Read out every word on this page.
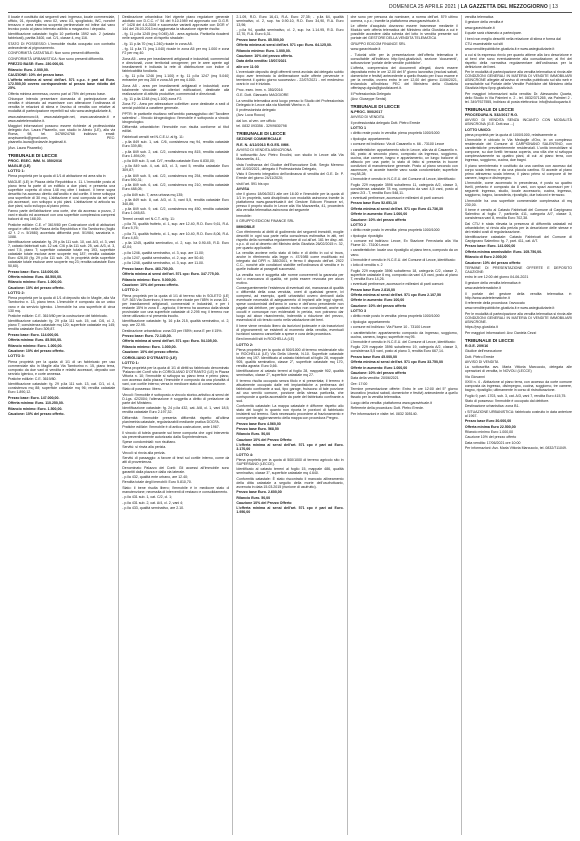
DOMENICA 25 APRILE 2021 | LA GAZZETTA DEL MEZZOGIORNO | 13

Il locale è costituito dal seguenti vani: ingresso, locale commerciale, ufficio, 01, ripostiglio, vano 02, vano 03, spogliatoio, WC, nonché terrazzo e area esterna scoperta pertinenziale ed infine dal vano tecnico posto al piano interrato adibito a magazzino / deposito.

Identificazione catastale: foglio 10 particella 1592 sub. 2 (catasto fabbricati), partita 3400, cat. C/1, classe 4, mq 116.

STATO DI POSSESSO: L'immobile risulta occupato con contratto antecedente al pignoramento.

CONFORMITÀ CATASTALE: Non sono presenti difformità.

CONFORMITÀ URBANISTICA: Non sono presenti difformità.

PREZZO BASE: Euro. 230.000,00.

Rilancio: Euro. 2.000,00.

CAUZIONE: 10% del prezzo base.

L'offerta minima ai sensi dell'art. 571 c.p.c. è pari ad Euro. 172.500,00 ovvero corrispondente al prezzo base ridotto del 25%.

Offerta minima ammessa, ovvero pari al 75% del prezzo base.

Chiunque intenda presentare domanda di partecipazione alla vendita è chiamato ad esaminare con attenzione l'ordinanza di vendita le relazioni di stima e l'avviso di vendita con relative ai modalità di partecipazione reperibili sul sito www.astegiudiziarie.it,

www.asteannunci.it, www.astalegale.net, www.canaleaste.it e www.astetelematiche.it.

Maggiori informazioni possono essere richieste al professionista delegato Avv. Laura Pisanello, con studio in Alezio (LE), alla via Roma, 98, tel. 3478924768 indirizzo email: avvpisanello@gmail.com, PEC: pisanello.laura@ordavvle.legalmail.it.

(Avv. Laura Pisanello)

TRIBUNALE DI LECCE

PROC. ESEC. IMM. N. 350/2016

MAGLIE (LE)

LOTTO 1:

Piena proprietà per la quota di 1/1 di abitazione ed area sita in

MAGLIE (LE) in Piazza della Repubblica n. 11. L'immobile posto al piano terra fa parte di un edificio a due piani, e presenta una superficie coperta di circa 148 mq oltre i balconi. Il bene sopra descritto ha accesso diretto dall'andito e dal cortile. Il bene sviluppa una superficie di 30 mq. L'abitazione è così composta da sei vani più accessori, con sviluppo a più piani. L'abitazione si articola su due piani, sullo sviluppo al piano primo.

Fanno parte dell'abitazione una corte, che dà accesso a pozzo, 2 vani e studio ed accessori con una superficie complessiva compresi balconi di mq 168,00.

Pratiche edilizie: C.E. n° 3619/80 per Costruzione civili di abitazioni negozi e uffici nella Piazza della Repubblica e Via Tamborino (foglio 42 f. 2 n. 5/1980) accertata difformità prot. 5/1984; sanatoria n. 1088.

Identificazione catastale: fg. 29 p.lla 111 sub. 10, cat. A/3, cl. 3, vani 7, catasto fabbricati sub. 12 cat. C/6 p.lla 111 sub. 25, cat. A/3, cl. 3, vani 7,5, piano T; superficie catastale totale mq 193, superficie catastale totale escluse aree scoperte mq 187; rendita catastale Euro 426,00 (fg. 29 p.lla 111 sub. 25, in proprietà della superficie catastale totale escluse aree scoperte mq 23; rendita catastale Euro 50,60).

Prezzo base: Euro. 118.000,00.

Offerta minima: Euro. 88.500,00.

Rilancio minimo: Euro. 1.000,00.

Cauzione: 10% del prezzo offerto.

LOTTO 2:

Piena proprietà per la quota di 1/1 di deposito sito in Maglie, alla Via Tamborino n. 13, piano terra. L'immobile è composto da un unico vano e da servizio igienico. L'immobile ha una superficie di circa 130 mq.

Pratiche edilizie: C.E. 3619/80 per la costruzione del fabbricato.

Identificazione catastale: fg. 29 p.lla 111 sub. 15, cat. C/6, cl. 2, piano T; consistenza catastale mq 120; superficie catastale mq 145; rendita catastale Euro 309,87.

Prezzo base: Euro. 114.000,00.

Offerta minima: Euro. 85.500,00.

Rilancio minimo: Euro. 1.000,00.

Cauzione: 10% del prezzo offerto.

LOTTO 3:

Piena proprietà per la quota di 1/1 di un fabbricato per uso commerciale sito in Maglie alla Via Tamborino n. 15, piano terra, composto da due vani di vendita e relativi accessori, deposito con servizio igienico, e corte annessa.

Pratiche edilizie: C.E. 3619/80.

Identificazione catastale: fg. 29 p.lla 111 sub. 13, cat. C/1, cl. 4, consistenza mq 88; superficie catastale mq 96; rendita catastale Euro 1.890,12.

Prezzo base: Euro. 147.000,00.

Offerta minima: Euro. 110.250,00.

Rilancio minimo: Euro. 1.500,00.

Cauzione: 10% del prezzo offerto.

Destinazione urbanistica: Nel vigente piano regolatore generale adottato con D.C.C. n° 54 del 9.10.1989 ed approvato con D.G.R. n° 1428 del 4.6.2008 e successive varianti approvate con DGR n° 144 del 26.03.2013 ed aggiornata la situazione vigente risulta:

- fg. 11 p.lla 1245 (mq 9.045) A5 - area agricola. Particella ricadenti nelle seguenti zone di rispetto stradale:

- fg. 11 p.lla 70 (mq 1.240) ricade in zona A5.

- fg. 11 p.lla 71 (mq 1.040) ricade in zona A5 per mq 1.000 e zona F2 per mq 40.

Zona A5 - area per insediamenti artigianali e industriali, commerciali e direzionali, zone territoriali omogenee; per le aree aperte agli insediamenti è indicata la rete di distribuzione con indice di fabbricabilità fondiaria.

- fg. 11 p.lla 1246 (mq 1.100) e fg. 11 p.lla 1247 (mq 5.040) entrambe per mq 200 e zona A5 per mq 4.000.

Zona A5 - area per insediamenti artigianali e industriali; zone totalmente vincolate ad ulteriori edificazioni, destinate alla realizzazione di attività produttive, commerciali e direzionali.

- fg. 11 p.lla 1248 (mq 1.100) zona F2.

Zona F2 - Area per attrezzature collettive: zone destinate a sedi di servizi pubblici a carattere generale.

PPTR: le particelle risultano nell'ambito paesaggistico del 'Tavoliere salentino' - Vincolo idrogeologico: l'immobile è sottoposto a vincolo idrogeologico.

Difformità urbanistiche: l'immobile non risulta conforme ai titoli edilizi.

Fabbricati censiti nel N.C.E.U. al fg. 11:

- p.lla 849 sub. 1, cat. C/6, consistenza mq 94, rendita catastale Euro 339,85;

- p.lla 849 sub. 2, cat. C/2, consistenza mq 815, rendita catastale Euro 1.894,09;

- p.lla 849 sub. 3, cat. D/7, rendita catastale Euro 6.830,00;

- p.lla 849 sub. 4, cat. A/3, cl. 3, vani 5, rendita catastale Euro 309,87;

- p.lla 849 sub. 5, cat. C/2, consistenza mq 254, rendita catastale Euro 590,31;

- p.lla 849 sub. 6, cat. C/2, consistenza mq 210, rendita catastale Euro 488,05;

- p.lla 849 sub. 7, area urbana mq 135;

- p.lla 849 sub. 8, cat. A/3, cl. 3, vani 5,5, rendita catastale Euro 340,86;

- p.lla 849 sub. 9, cat. C/2, consistenza mq 450, rendita catastale Euro 1.045,83.

Terreni censiti nel N.C.T. al fg. 11:

- p.lla 70, qualità frutteto, cl. 1, sup. are 12.40, R.D. Euro 9,61, R.A. Euro 5,76;

- p.lla 71, qualità frutteto, cl. 1, sup. are 10.40, R.D. Euro 8,06, R.A. Euro 4,83;

- p.lla 1245, qualità seminativo, cl. 2, sup. ha 0.90.45, R.D. Euro 42,04;

- p.lla 1246, qualità seminativo, cl. 3, sup. are 11.00;

- p.lla 1247, qualità seminativo, cl. 2, sup. are 50.40;

- p.lla 1248, qualità seminativo, cl. 3, sup. are 11.00.

Prezzo base: Euro. 463.700,00.

Offerta minima ai sensi dell'art. 571 cpc: Euro. 347.775,00.

Rilancio minimo: Euro. 5.000,00.

Cauzione: 10% del prezzo offerto.

LOTTO 2:

Piena proprietà per la quota di 1/1 di terreno sito in SOLETO (LE) S.P. 363 Via Guerrinoro, il terreno che ricade per l'85% in zona D3 - per insediamenti artigianali, commerciali e industriali, e per il restante 15% in zona E - agricola; il terreno ha accesso dalla strada provinciale con una superficie catastale di 2.295 mq; il terreno non viene utilizzato e si presenta incolto.

Identificazione catastale: fg. 16 p.lla 215, qualità seminativo, cl. 2, sup. are 22.95.

Destinazione urbanistica: zona D3 per l'85%; zona E per il 15%.

Prezzo base: Euro. 72.140,00.

Offerta minima ai sensi dell'art. 571 cpc: Euro. 54.105,00.

Rilancio minimo: Euro. 1.000,00.

Cauzione: 10% del prezzo offerto.

CORIGLIANO D'OTRANTO (LE)

LOTTO 1:

Piena proprietà per la quota di 1/1 di diritti su fabbricato denominato 'Palazzo dei Conti' sito in CORIGLIANO D'OTRANTO (LE) in Piazza Vittoria n. 10; l'immobile si sviluppa su piano terra e primo piano, con accesso dalla piazza; l'immobile è composto da una pluralità di vani, con cortile interno; versa in mediocre stato di conservazione.

Stato di possesso: libero.

Vincoli: l'immobile è sottoposto a vincolo storico-artistico ai sensi del D.Lgs. 42/2004; l'alienazione è soggetta a diritto di prelazione da parte del Ministero.

Identificazione catastale: fg. 24 p.lla 432, cat. A/8, cl. 1, vani 18,5, rendita catastale Euro 2.197,32.

Difformità: l'immobile presenta difformità rispetto all'ultima planimetria catastale, regolarizzabili mediante pratica DOCFA.

Pratiche edilizie: l'immobile è di antica costruzione, ante 1967.

Il vincolo di tutela gravante sul bene comporta che ogni intervento sia preventivamente autorizzato dalla Soprintendenza.

Spese condominiali: non risultano.

Servitù: si rinvia alla perizia.

Vincoli: si rinvia alla perizia.

Servitù di passaggio: a favore di terzi sul cortile interno, come da atti di provenienza.

Denominato Palazzo dei Conti: Gli accessi all'immobile sono garantiti dalla piazza e dalla via laterale.

- p.lla 432, qualità ente urbano, are 12.40;

Rendita totale degli immobili: Euro 5.810,70.

Stato: il bene risulta libero; l'immobile è in mediocre stato di manutenzione; necessita di interventi di restauro e consolidamento.

- p.lla 431 sub. 1, cat. C/2, cl. 1;

- p.lla 431 sub. 2, cat. A/4, cl. 2, vani 4;

- p.lla 433, qualità seminativo, are 2.10.

2.1.09, R.D. Euro 16,41, R.A. Euro 27,35; - p.lla 64, qualità seminativo, cl. 2, sup. ha 0.90.10, R.D. Euro 34,90, R.A. Euro 13,96;

- p.lla 94, qualità seminativo, cl. 2, sup. ha 1.14.95, R.D. Euro 12,70, R.A. Euro 6,31.

Prezzo base Euro. 85.500,00

Offerta minima ai sensi dell'art. 571 cpc: Euro. 64.125,00.

Rilancio minimo: Euro. 1.000,00.

Cauzione: 10% del prezzo offerto.

Data della vendita: 15/07/2021

alle ore 11:00

L'eventuale deposito degli offerenti verrà avviata dal delegato subito dopo aver terminato la deliberazione sulle offerte pervenute e terminerà il quinto giorno successivo - 22/07/2021 - nel medesimo orario in cui è iniziata.

Proc. esec. imm. n. 350/2016

G.E. Dott. Giancarlo MAGGIORE

La vendita telematica avrà luogo presso lo Studio del Professionista Delegato in Lecce alla via Martiniti Viterbo n. 8.

Il professionista delegato

(Avv. Luca Rocco)

dal lun. al ven. ore ufficio

tel. 0832 093356 - 329/9830798

TRIBUNALE DI LECCE

SEZIONE COMMERCIALE

R.E. N. 4/12/2013 R.G.ES. IMM.

AVVISO DI VENDITA ASINCRONA

Il sottoscritto Avv. Pietro Ercolini, con studio in Lecce alla Via Mazzarella, 41,

vista l'ordinanza del Giudice dell'Esecuzione Dott. Sergio Memmo del 11/03/2021, delegato il Professionista Delegato,

Visto il Decreto integrativo dell'ordinanza di vendita del G.E. Dr. P. Errede del giorno 24/11/2020;

visti l'art. 591 bis cpc

AVVISA

che il giorno 18/06/2021 alle ore 16.00 e l'immobile per la quota di 1/1 in proprietà, sarà disciplinato con modalità asincrona tramite la piattaforma www.garavirtuale.it del Gestore Edicom Finance srl, presso il proprio studio in Lecce alla Via Mazzarella, 41, procederà alla vendita telematica asincrona del seguente

immobile:

Il GRUPPO EDICOM FINANCE SRL

IMMOBILE

Con riferimento ai diritti di godimento dei seguenti immobili, moglie descritti in ogni sua parte nella consulenza estimativa in atti, nel rispetto della normativa regolamentare di cui all'art. 161 ter disp. att. c.p.c. di cui al decreto del Ministro della Giustizia 26/02/2015 n. 32, per quanto applicabile.

La vendita avviene nello stato di fatto e di diritto in cui si trova, anche in riferimento alla legge n. 47/1985 come modificato ed integrato dal DPR n. 380/2001, e fermo il disposto dell'art. 2922 C.C., nonché alle condizioni stabilite nell'ordinanza di vendita e in quelle indicate ai paragrafi successivi.

La vendita non è soggetta alle norme concernenti la garanzia per vizi o mancanza di qualità, né potrà essere revocata per alcun motivo.

Conseguentemente l'esistenza di eventuali vizi, mancanza di qualità o difformità della cosa venduta, oneri di qualsiasi genere, ivi compresi, ad esempio, quelli urbanistici ovvero derivanti dalla eventuale necessità di adeguamento di impianti alle leggi vigenti, spese condominiali dell'anno in corso e dell'anno precedente non pagate dal debitore, per qualsiasi motivo non considerati, anche se occulti e comunque non evidenziati in perizia, non potranno dar luogo ad alcun risarcimento, indennità o riduzione del prezzo, essendosi di ciò tenuto conto nella valutazione dei beni.

Il bene viene venduto libero da iscrizioni ipotecarie e da trascrizioni di pignoramenti; se esistenti al momento della vendita, eventuali iscrizioni saranno cancellate a spese e cura della procedura.

Beni immobili siti in ROCHELLA (LE)

LOTTO 2:

Piena proprietà per la quota di 500/1000 di terreno residenziale sito in ROCHELLA (LE) Via Della Libertà, N.10. Superficie catastale totale: mq 197. Identificato al catasto fabbricati al foglio 28, mappale 905, qualità seminativo, classe 2°, superficie catastale mq 170, rendita agraria: Euro 0,66.

Identificazione al catasto terreni al foglio 28, mappale 902, qualità seminativo, classe 2°, superficie catastale mq 27.

Il terreno risulta occupato senza titolo e si presentata; il terreno è attualmente occupato dalle reti impiantistiche a pertinenza del fabbricato confinante a sud, tipo garage, fruiscono di tale porzione ad uso servitù comune, porzione della stessa particella, che corrisponde a quella accessibile da parte del fabbricato confinante a sud.

Conformità catastale: La mappa catastale è difforme rispetto allo stato dei luoghi in quanto non riporta le porzioni di fabbricato insistenti sul terreno. Sarà necessario procedere al frazionamento e conseguente aggiornamento della mappa con procedura Pregeo.

Prezzo base Euro 4.560,00

Prezzo base Euro. 568,50

Rilancio Euro. 50,00

Cauzione 10% del Prezzo Offerto

L'offerta minima ai sensi dell'art. 571 cpc è pari ad Euro. 3.170,00

LOTTO 4:

Piena proprietà per la quota di 500/1000 di terreno agricolo sito in SUPERSANO (LECCE).

Identificato al catasto terreni al foglio 15, mappale 486, qualità seminativo, classe 3°, superficie catastale mq 4.640.

Conformità catastale: È stato riscontrato il mancato allineamento della ditta catastale a seguito della morte dell'usufruttuario, avvenuta in data 15.03.2015 (riunione di usufrutto).

Prezzo base Euro. 2.600,00

Rilancio Euro. 50,00

Cauzione 10% del Prezzo Offerto

L'offerta minima ai sensi dell'art. 571 cpc è pari ad Euro. 1.950,00

che sono per persona da nominare, a norma dell'art. 579 ultimo comma, c.p.c.; tramite la piattaforma www.garavirtuale.it.

Le offerte d'acquisto dovranno essere trasmesse mediante il Modulo web offerta telematica del Ministero della Giustizia a cui è possibile accedere dalla scheda del lotto in vendita presente sul portale del GESTORE DELLA VENDITA TELEMATICA

GRUPPO EDICOM FINANCE SRL

www.garavirtuale.it

- Tutorial utile per la presentazione dell'offerta telematica è consultabile all'indirizzo http://pst.giustizia.it, sezione 'documenti', sottosezione 'portale delle vendite pubbliche'.

L'offerta, comprensiva dei documenti allegati, dovrà essere depositata entro le ore 12.00 del 5° giorno lavorativo (esclusi sabati, domeniche e festivi) antecedente a quello fissato per il suo esame e per la vendita, ovvero entro le ore 12,00 del giorno 11/06/2021, inviandola all'indirizzo PEC del Ministero della Giustizia offertapvp.dgsia@giustiziacert.it.

Il Professionista Delegato

(Avv. Giuseppe Senisi)

TRIBUNALE DI LECCE

N.PROC. 500/2017

AVVISO DI VENDITA

Il professionista delegato Dott. Pietro Errede

LOTTO 1

• diritto reale posto in vendita: piena proprietà 1000/1000

• tipologia: appartamento

• comune ed indirizzo: Via di Casanello n. 66 - 73100 Lecce

• caratteristiche: appartamento sito in Lecce, alla via di Casanello n. 66, posto al secondo piano, composto da ingresso, soggiorno, cucina, due camere, bagno e appartamento, un lungo balcone di affaccio per una parte; lo stato di fatto si presenta in buone condizioni di manutenzione generale. Posto al piano secondo con ascensore, si accede tramite vano scala condominiale; superficie mq 88,28;

L'immobile è censito in N.C.E.U. del Comune di Lecce, identificato:

Foglio 229 mappale 3596 subalterno 11, categoria A/2, classe 3, consistenza catastale 78 mq, composto da vani 4,5 vani, posto al piano 2/3 - T, rendita Euro 548,11.

• eventuali pertinenze, accessori e millesimi di parti comuni:

Prezzo base Euro 52.651,10

Offerta minima ai sensi dell'art. 571 cpc Euro 41.736,30

Offerte in aumento: Euro 1.000,00

Cauzione: 10% del prezzo offerto

LOTTO 2

• diritto reale posto in vendita: piena proprietà 1000/1000

• tipologia: ripostiglio

• comune ed indirizzo: Lecce, Ex Stazione Ferroviaria alla Via Fiume 10 - 73100 Lecce

• caratteristiche: locale uso ripostiglio al piano terra, composto da un vano.

L'immobile è censito in N.C.E.U. del Comune di Lecce, identificato:

• lotto di vendita n. 2

Foglio 229 mappale 3596 subalterno 18, categoria C/2, classe 2, superficie catastale 6 mq, composto da vani 4,5 vani, posto al piano T, rendita Euro 14,26.

• eventuali pertinenze, accessori e millesimi di parti comuni:

Prezzo base Euro 2.810,00

Offerta minima ai sensi dell'art. 571 cpc Euro 2.107,50

Offerte in aumento: Euro 100,00

Cauzione: 10% del prezzo offerto

LOTTO 3

• diritto reale posto in vendita: piena proprietà 1000/1000

• tipologia: appartamento

• comune ed indirizzo: Via Fiume 10 - 73100 Lecce

• caratteristiche: appartamento composto da ingresso, soggiorno, cucina, camera, bagno; superficie mq 95.

L'immobile è censito in N.C.E.U. del Comune di Lecce, identificato:

Foglio 229 mappale 3596 subalterno 19, categoria A/2, classe 3, consistenza 5,5 vani, posto al piano 3, rendita Euro 667,14.

Prezzo base Euro 45.000,00

Offerta minima ai sensi dell'art. 571 cpc Euro 33.750,00

Offerte in aumento: Euro 1.000,00

Cauzione: 10% del prezzo offerto

Data della vendita: 20/06/2021

Ore: 17:00

Termine presentazione offerte: Entro le ore 12:00 del 5° giorno lavorativo (esclusi sabati, domeniche e festivi) antecedente a quello fissato per la vendita telematica.

Luogo della vendita: piattaforma www.garavirtuale.it

Referente della procedura: Dott. Pietro Errede.

Per informazioni e visite: tel. 0832 305140.

vendita telematica

Il gestore della vendita è

www.garavirtuale.it

il quale sarà chiamato a partecipare.

I beni non meglio descritti nella relazione di stima e forma dal

CTU esaminabile sui siti

www.venditepubbliche.giustizia.it e www.astegiudiziarie.it

a cui si fa espresso rinvio per quanto attiene alla loro descrizione e ai beni che sono eventualmente alla consultazione; ai fini del rispetto della normativa regolamentare dell'ordinanza per la definizione dei beni.

Per le modalità di partecipazione alla vendita telematica si rinvia alle CONDIZIONI GENERALI IN MATERIA DI VENDITE IMMOBILIARI ASINCRONE allegate all'avviso di vendita pubblicato sul sito web e consultabile sul Portale delle Vendite Pubbliche del Ministero della Giustizia https://pvp.giustizia.it.

Per maggiori informazioni sulla vendita: Dr. Alessandro Quarta, dello Studio in Via Palmieri n. 2 - tel. 0832/371265, via Palmieri 2 - tel. 349/7927555, indirizzo di posta elettronica: info@studioquarta.it

TRIBUNALE DI LECCE

PROCEDURA N. 532/2017 R.G.

AVVISO DI VENDITA SENZA INCANTO CON MODALITÀ ASINCRONA (G.E. Dott.ssa ...)

LOTTO UNICO:

piena proprietà per la quota di 1000/1000, relativamente a:

L'immobile è ubicato in Via Medaglie d'Oro, in un complesso residenziale del Comune di CARPIGNANO SALENTINO, con caratteristiche prevalentemente residenziali. L'unità immobiliare si compone, su due livelli: terrazza coperta, una villa che si sviluppa complessivamente su quattro piani, di cui: al piano terra, con ingresso, soggiorno, cucina, due bagni.

Il piano seminterrato è costituito da una cantina con accesso dal corpo scala interno; e da una piccola cantina. Si accede al piano primo attraverso scala interna; il piano primo si compone di tre camere, bagno e disimpegno.

L'immobile, come accennato in precedenza, è posto su quattro livelli, pertanto è composto da 8 vani, con spazi accessori per i seguenti: ingresso, studio, locale accessorio, cucina, ingresso, soggiorno, bagno, lavanderia, ripostiglio, due balconi e terrazzo.

L'immobile ha una superficie commerciale complessiva di mq 230,00.

Il bene è censito al Catasto Fabbricati del Comune di Carpignano Salentino al foglio 7, particella 411, categoria A/7, classe 3, consistenza vani 8, rendita Euro 702,38.

Dal CTU è stata rilevata la presenza di difformità catastali ed urbanistiche; si rinvia alla perizia per la descrizione delle stesse e dei relativi costi di regolarizzazione.

Identificazione catastale: Catasto Fabbricati del Comune di Carpignano Salentino: fg. 7, part. 411, cat. A/7.

Prezzo base: Euro. 141.000,00

Offerta minima ammissibile: Euro. 105.750,00.

Rilancio di Euro 2.000,00

Cauzione: 10% del prezzo offerto

TERMINE DI PRESENTAZIONE OFFERTE E DEPOSITO CAUZIONE:

entro le ore 12:00 del giorno 04-06-2021

Il gestore della vendita telematica è:

www.astetelematiche.it

Il portale del gestore della vendita telematica è: http://www.astetelematiche.it

Il referente della procedura: l'avvocato

www.venditepubbliche.giustizia.it e www.astegiudiziarie.it

Per le modalità di partecipazione alla vendita telematica si rinvia alle CONDIZIONI GENERALI IN MATERIA DI VENDITE IMMOBILIARI ASINCRONE.

https://pvp.giustizia.it

Per maggiori informazioni: Avv. Daniela Cezzi

TRIBUNALE DI LECCE

R.G.E. 209/16

Giudice dell'esecuzione

Dott. Pietro Errede

AVVISO DI VENDITA

La sottoscritta avv. Maria Vittoria Marcuccio, delegata alle operazioni di vendita, in NOVOLI (LECCE)

Via Giovanni

XXIII n. 4 - Abitazione al piano terra, con accesso da corte comune composta da ingresso, disimpegno, cucina, soggiorno, tre camere, bagno, ripostiglio; ultimamente in corso di ristrutturazione.

Foglio 9, part. 1703, sub. 3, cat. A/3, vani 7, rendita Euro 415,75.

Stato di possesso: l'immobile è occupato dal debitore.

Destinazione urbanistica: zona B1.

• SITUAZIONE URBANISTICA: fabbricato costruito in data anteriore al 1967.

Prezzo base Euro 30.000,00

Offerta minima Euro 22.500,00

Rilancio minimo Euro 1.000,00

Cauzione 10% del prezzo offerto

Data vendita: 17/06/2021 ore 10:00

Per informazioni: Avv. Maria Vittoria Marcuccio, tel. 0832/711049.
